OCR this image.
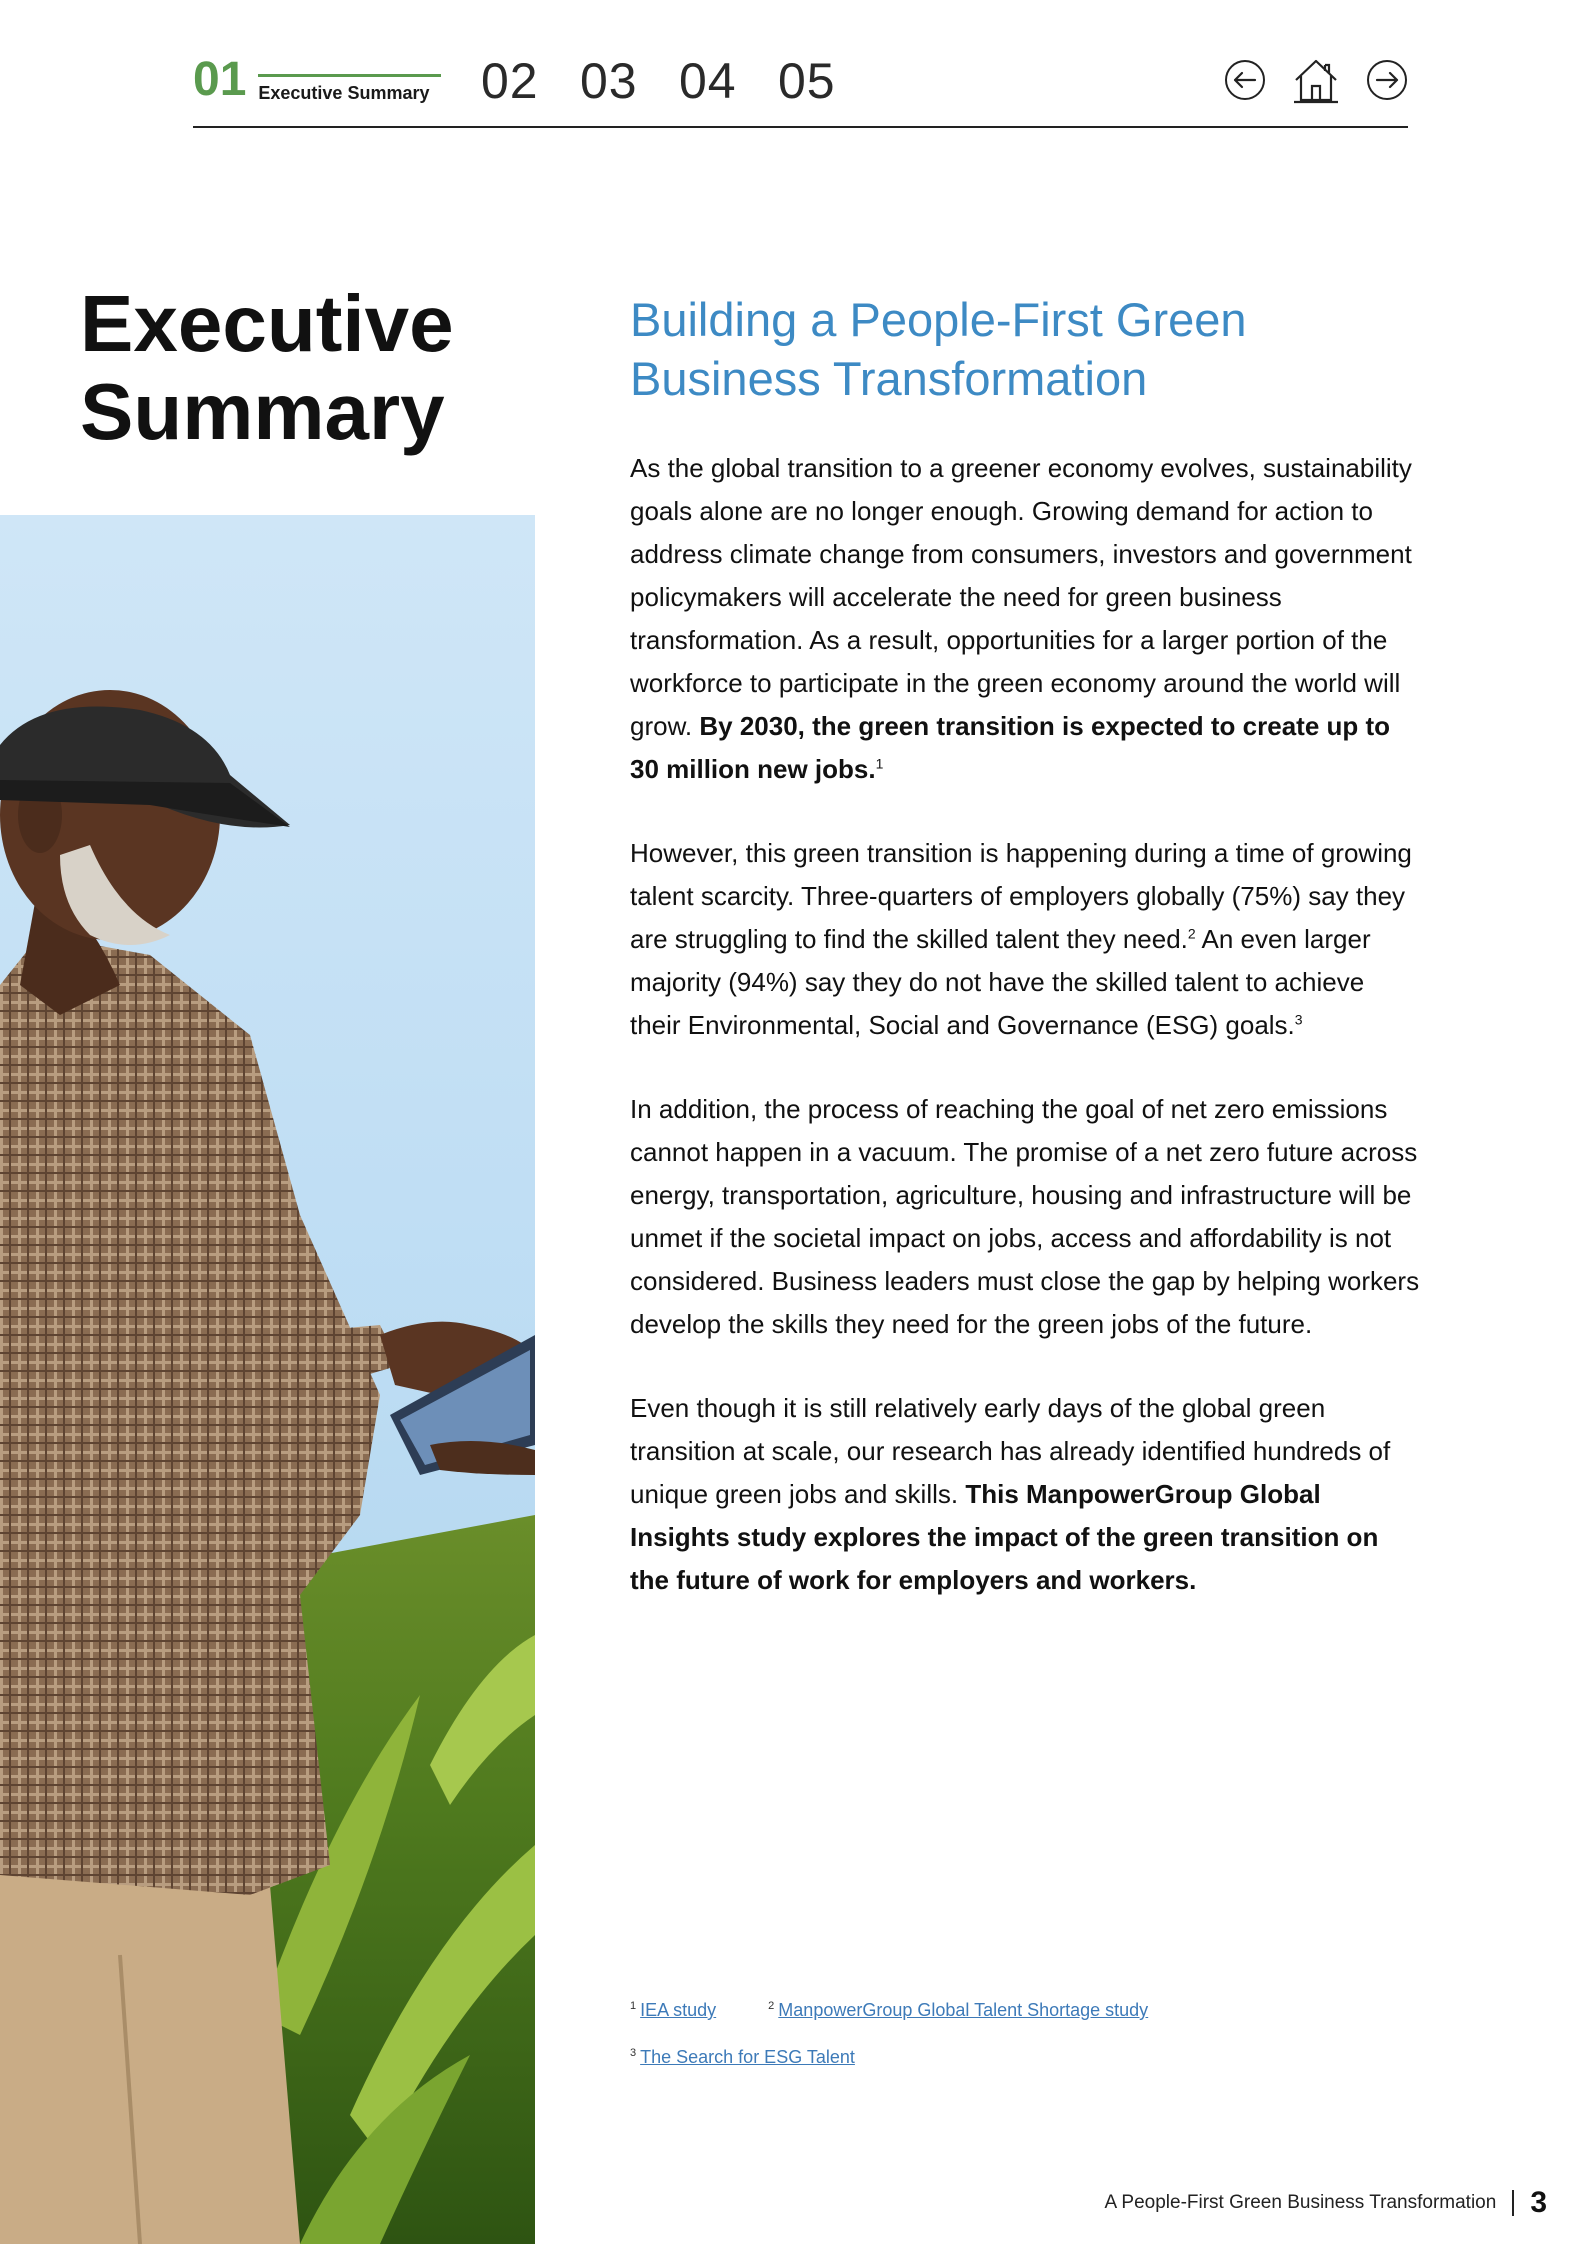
01 Executive Summary 02 03 04 05
Executive
Summary
Building a People-First Green Business Transformation

As the global transition to a greener economy evolves, sustainability goals alone are no longer enough. Growing demand for action to address climate change from consumers, investors and government policymakers will accelerate the need for green business transformation. As a result, opportunities for a larger portion of the workforce to participate in the green economy around the world will grow. By 2030, the green transition is expected to create up to 30 million new jobs.$^1$

However, this green transition is happening during a time of growing talent scarcity. Three-quarters of employers globally (75%) say they are struggling to find the skilled talent they need.$^2$ An even larger majority (94%) say they do not have the skilled talent to achieve their Environmental, Social and Governance (ESG) goals.$^3$

In addition, the process of reaching the goal of net zero emissions cannot happen in a vacuum. The promise of a net zero future across energy, transportation, agriculture, housing and infrastructure will be unmet if the societal impact on jobs, access and affordability is not considered. Business leaders must close the gap by helping workers develop the skills they need for the green jobs of the future.

Even though it is still relatively early days of the global green transition at scale, our research has already identified hundreds of unique green jobs and skills. This ManpowerGroup Global Insights study explores the impact of the green transition on the future of work for employers and workers.

$^1$ IEA study	$^2$ ManpowerGroup Global Talent Shortage study
$^3$ The Search for ESG Talent
A People-First Green Business Transformation 3
